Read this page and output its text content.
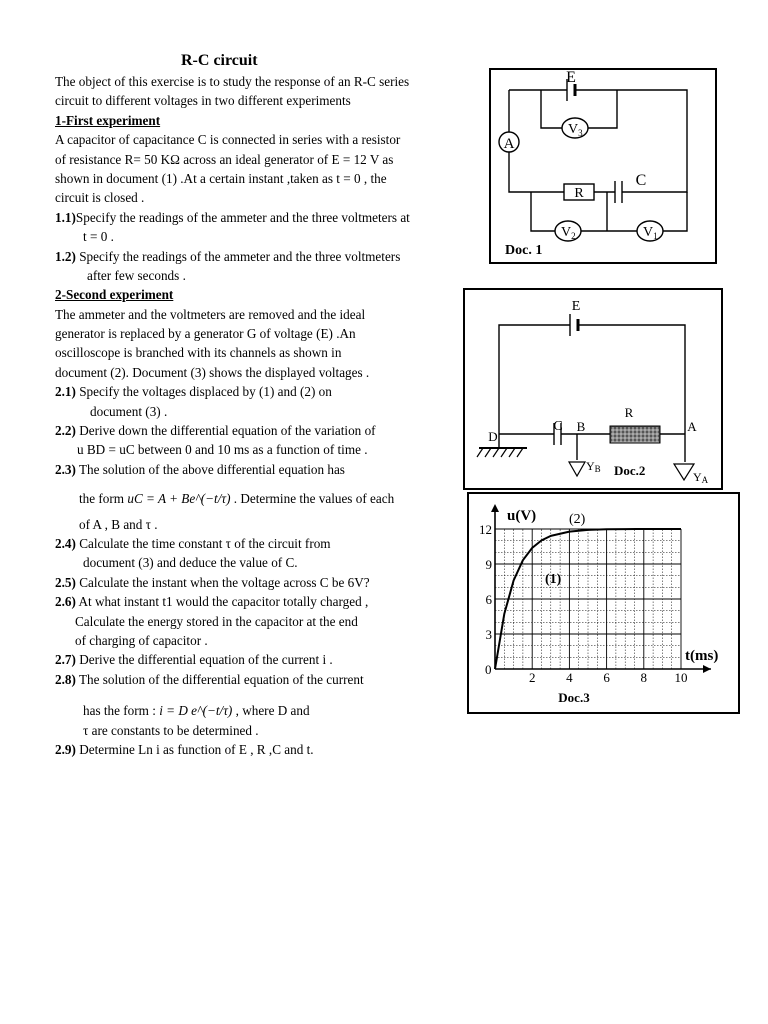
R-C circuit
The object of this exercise is to study the response of an R-C series
circuit to different voltages in two different experiments
1-First experiment
A capacitor of capacitance C is connected in series with a resistor
of resistance R= 50 KΩ across an ideal generator of E = 12 V as
shown in document (1) .At a certain instant ,taken as t = 0 , the
circuit is closed .
1.1)Specify the readings of the ammeter and the three voltmeters at
t = 0 .
1.2) Specify the readings of the ammeter and the three voltmeters
after few seconds .
2-Second experiment
The ammeter and the voltmeters are removed and the ideal
generator is replaced by a generator G of voltage (E) .An
oscilloscope is branched with its channels as shown in
document (2). Document (3) shows the displayed voltages .
2.1) Specify the voltages displaced by (1) and (2) on
document (3) .
2.2) Derive down the differential equation of the variation of
u BD = uC between 0 and 10 ms as a function of time .
2.3) The solution of the above differential equation has
the form uC = A + Be^(−t/τ) . Determine the values of each
of A , B and τ .
2.4) Calculate the time constant τ of the circuit from
document (3) and deduce the value of C.
2.5) Calculate the instant when the voltage across C be 6V?
2.6) At what instant t1 would the capacitor totally charged ,
Calculate the energy stored in the capacitor at the end
of charging of capacitor .
2.7) Derive the differential equation of the current i .
2.8) The solution of the differential equation of the current
has the form : i = D e^(−t/τ) , where D and
τ are constants to be determined .
2.9) Determine Ln i as function of E , R ,C and t.
E
$V_3$
A
R
C
$V_2$	$V_1$
Doc. 1
E
C B
R
A
D
YB Doc.2	YA
2 4 6 8 10
3
6
9
12
u(V)
t(ms)
(2)
(1)
0
Doc.3
